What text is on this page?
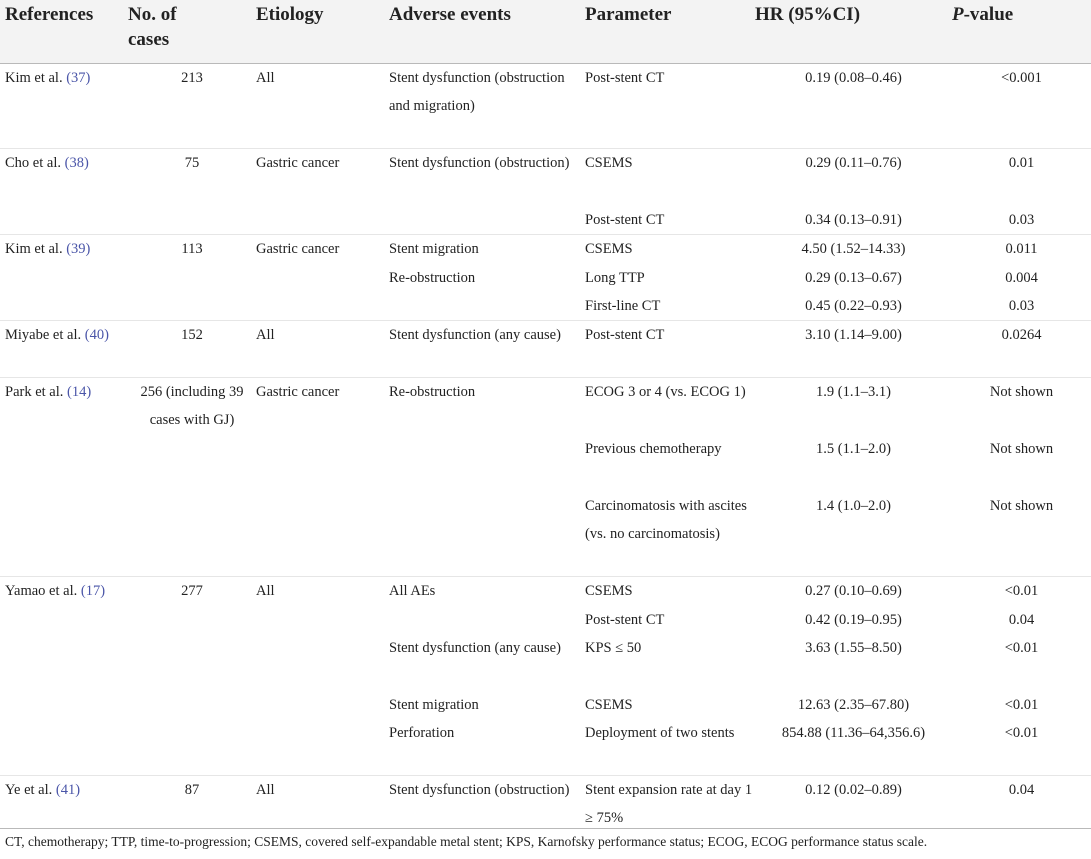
References	No. of cases	Etiology	Adverse events	Parameter	HR (95%CI)	P-value
Kim et al. (37)	213	All	Stent dysfunction (obstruction and migration)	Post-stent CT	0.19 (0.08–0.46)	<0.001
Cho et al. (38)	75	Gastric cancer	Stent dysfunction (obstruction)	CSEMS	0.29 (0.11–0.76)	0.01
				Post-stent CT	0.34 (0.13–0.91)	0.03
Kim et al. (39)	113	Gastric cancer	Stent migration	CSEMS	4.50 (1.52–14.33)	0.011
			Re-obstruction	Long TTP	0.29 (0.13–0.67)	0.004
				First-line CT	0.45 (0.22–0.93)	0.03
Miyabe et al. (40)	152	All	Stent dysfunction (any cause)	Post-stent CT	3.10 (1.14–9.00)	0.0264
Park et al. (14)	256 (including 39 cases with GJ)	Gastric cancer	Re-obstruction	ECOG 3 or 4 (vs. ECOG 1)	1.9 (1.1–3.1)	Not shown
				Previous chemotherapy	1.5 (1.1–2.0)	Not shown
				Carcinomatosis with ascites (vs. no carcinomatosis)	1.4 (1.0–2.0)	Not shown
Yamao et al. (17)	277	All	All AEs	CSEMS	0.27 (0.10–0.69)	<0.01
				Post-stent CT	0.42 (0.19–0.95)	0.04
			Stent dysfunction (any cause)	KPS ≤ 50	3.63 (1.55–8.50)	<0.01
			Stent migration	CSEMS	12.63 (2.35–67.80)	<0.01
			Perforation	Deployment of two stents	854.88 (11.36–64,356.6)	<0.01
Ye et al. (41)	87	All	Stent dysfunction (obstruction)	Stent expansion rate at day 1 ≥ 75%	0.12 (0.02–0.89)	0.04
CT, chemotherapy; TTP, time-to-progression; CSEMS, covered self-expandable metal stent; KPS, Karnofsky performance status; ECOG, ECOG performance status scale.
